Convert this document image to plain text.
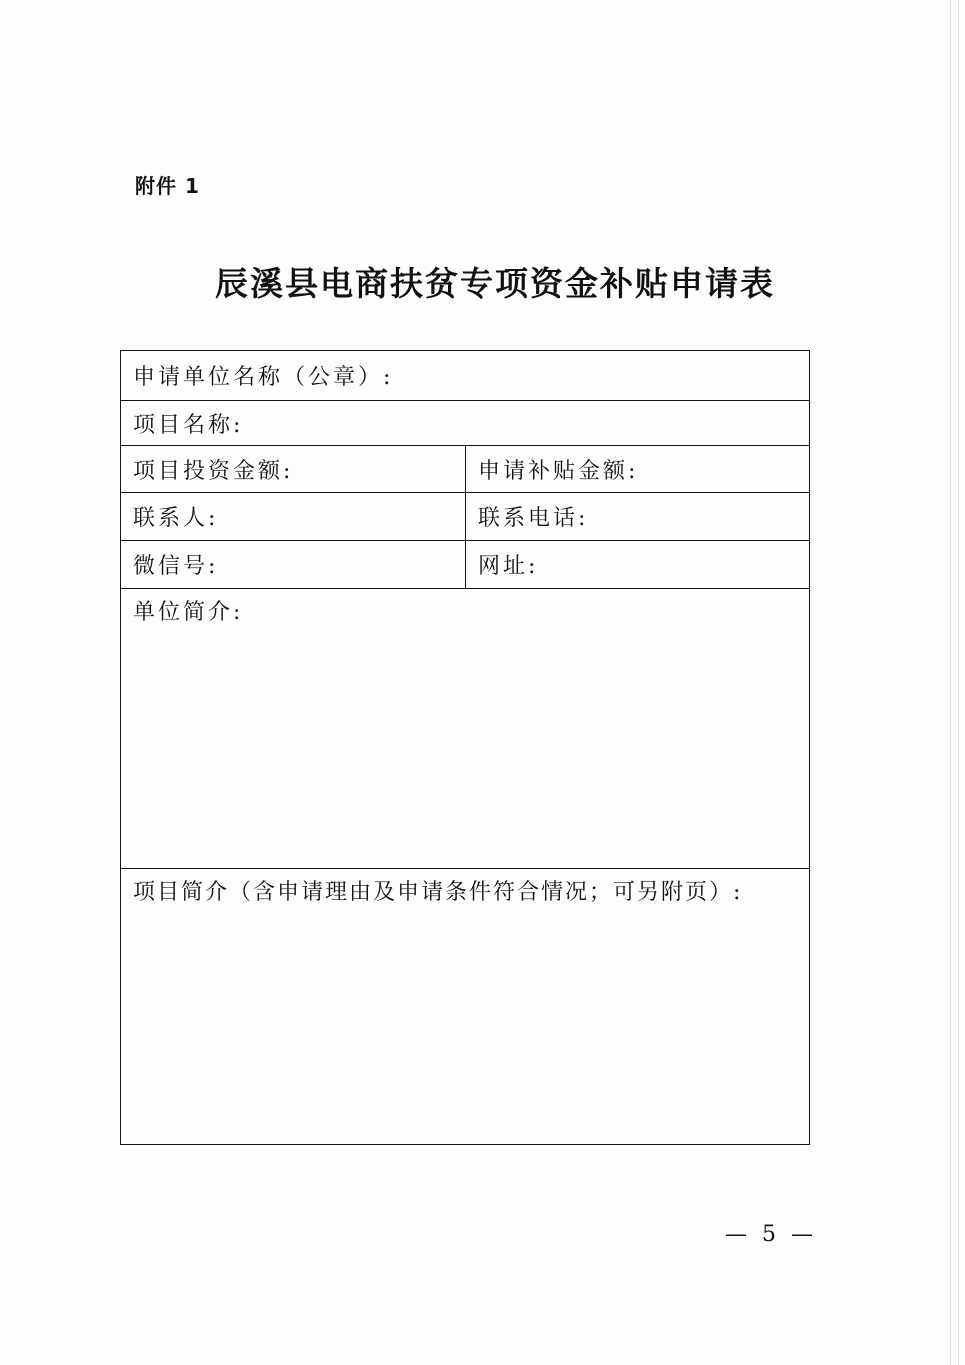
附件 1
辰溪县电商扶贫专项资金补贴申请表
申请单位名称（公章）:
项目名称:
项目投资金额:	申请补贴金额:
联系人:	联系电话:
微信号:	网址:
单位简介:
项目简介（含申请理由及申请条件符合情况；可另附页）:
— 5 —
